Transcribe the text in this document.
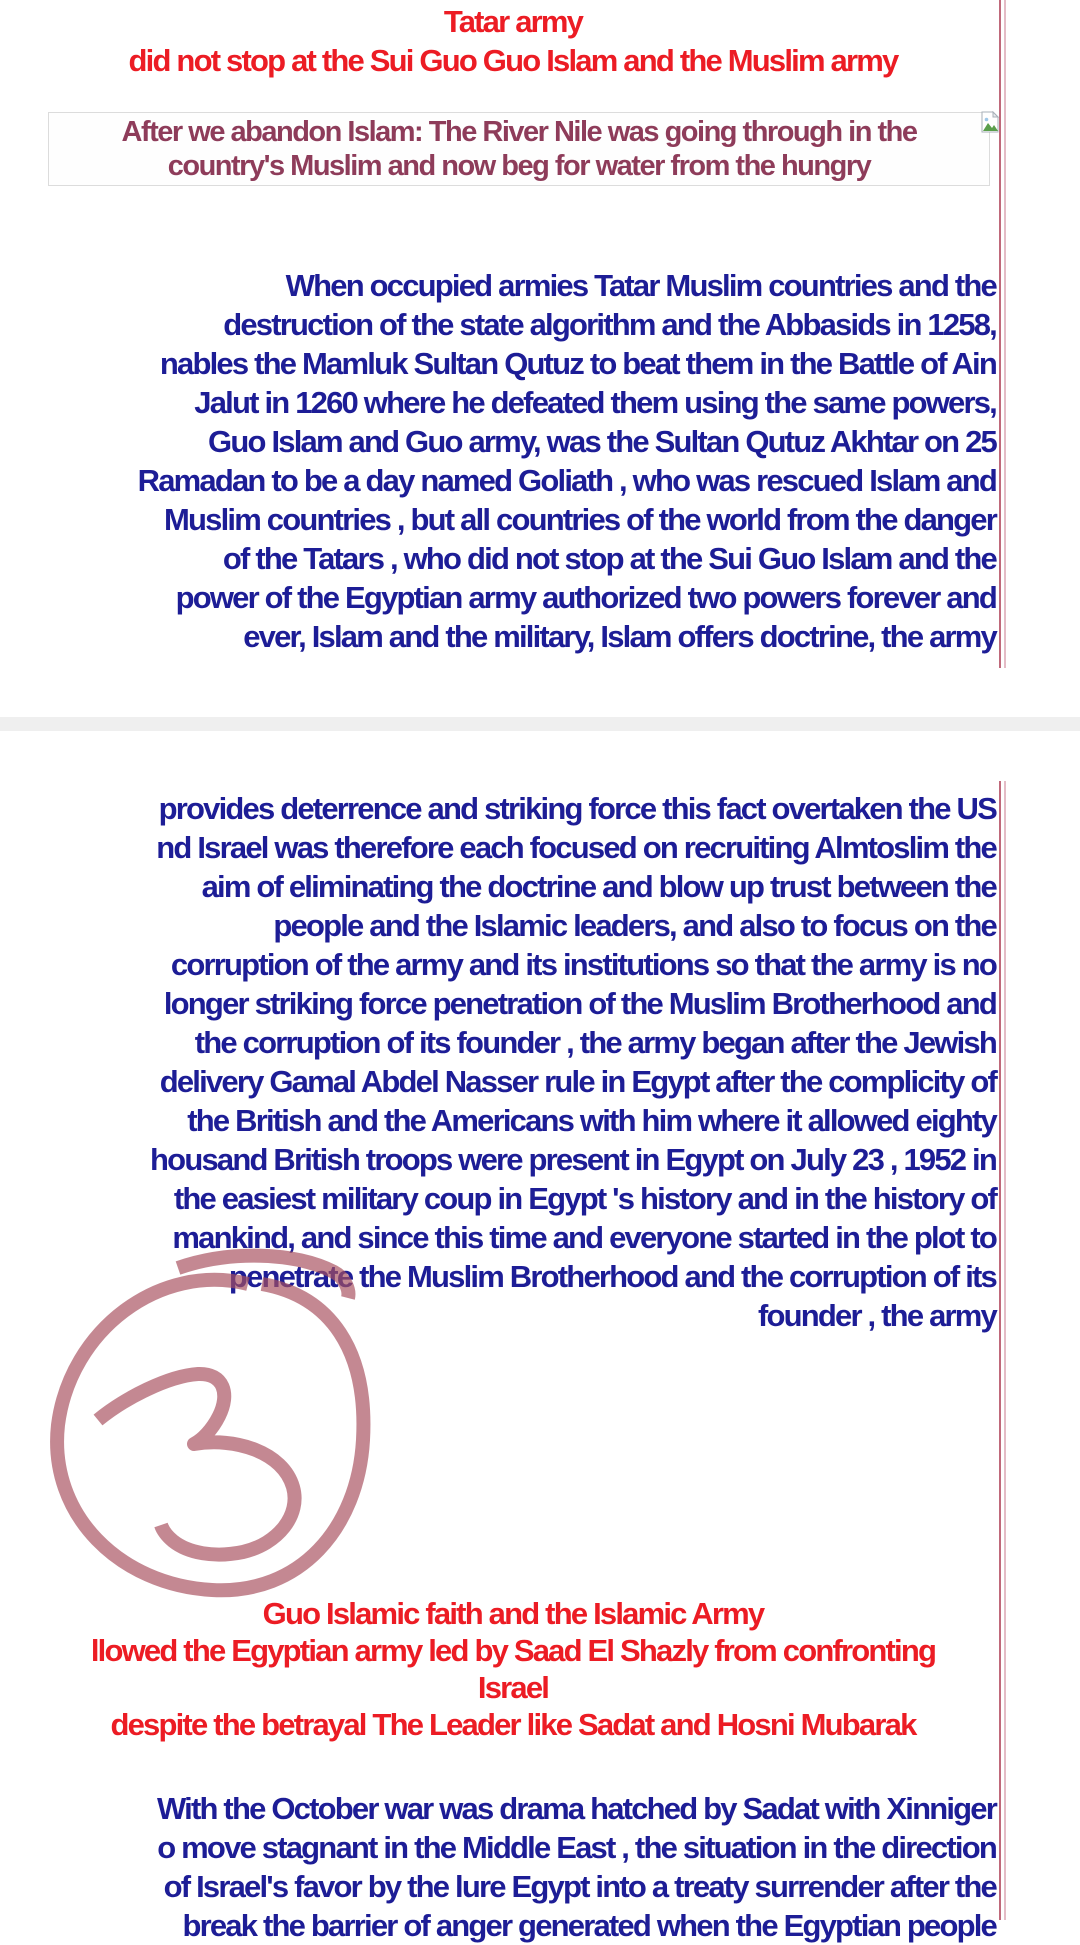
Tatar army
did not stop at the Sui Guo Guo Islam and the Muslim army
After we abandon Islam: The River Nile was going through in the
country's Muslim and now beg for water from the hungry
When occupied armies Tatar Muslim countries and the
destruction of the state algorithm and the Abbasids in 1258,
nables the Mamluk Sultan Qutuz to beat them in the Battle of Ain
Jalut in 1260 where he defeated them using the same powers,
Guo Islam and Guo army, was the Sultan Qutuz Akhtar on 25
Ramadan to be a day named Goliath , who was rescued Islam and
Muslim countries , but all countries of the world from the danger
of the Tatars , who did not stop at the Sui Guo Islam and the
power of the Egyptian army authorized two powers forever and
ever, Islam and the military, Islam offers doctrine, the army
provides deterrence and striking force this fact overtaken the US
nd Israel was therefore each focused on recruiting Almtoslim the
aim of eliminating the doctrine and blow up trust between the
people and the Islamic leaders, and also to focus on the
corruption of the army and its institutions so that the army is no
longer striking force penetration of the Muslim Brotherhood and
the corruption of its founder , the army began after the Jewish
delivery Gamal Abdel Nasser rule in Egypt after the complicity of
the British and the Americans with him where it allowed eighty
housand British troops were present in Egypt on July 23 , 1952 in
the easiest military coup in Egypt 's history and in the history of
mankind, and since this time and everyone started in the plot to
penetrate the Muslim Brotherhood and the corruption of its
founder , the army
Guo Islamic faith and the Islamic Army
llowed the Egyptian army led by Saad El Shazly from confronting
Israel
despite the betrayal The Leader like Sadat and Hosni Mubarak
With the October war was drama hatched by Sadat with Xinniger
o move stagnant in the Middle East , the situation in the direction
of Israel's favor by the lure Egypt into a treaty surrender after the
break the barrier of anger generated when the Egyptian people
